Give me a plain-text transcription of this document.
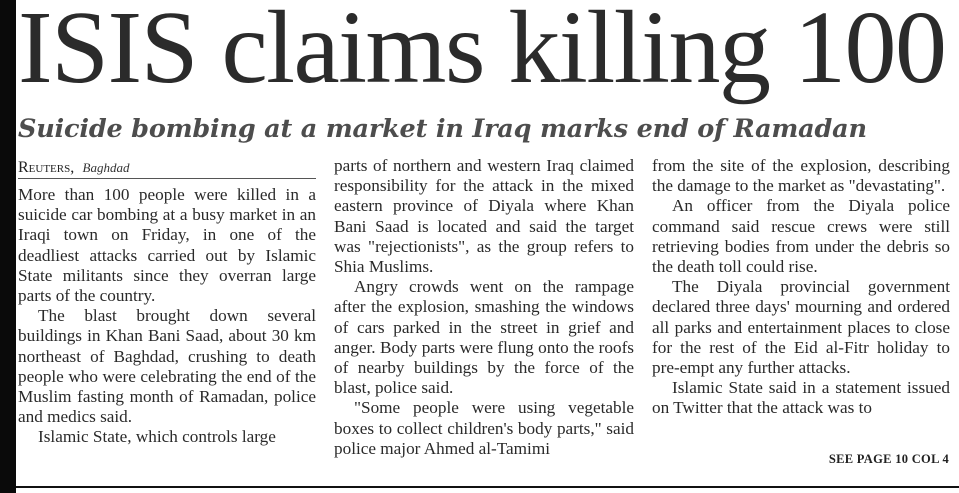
ISIS claims killing 100
Suicide bombing at a market in Iraq marks end of Ramadan
Reuters, Baghdad

More than 100 people were killed in a suicide car bombing at a busy market in an Iraqi town on Friday, in one of the deadliest attacks carried out by Islamic State militants since they overran large parts of the country.

The blast brought down several buildings in Khan Bani Saad, about 30 km northeast of Baghdad, crushing to death people who were celebrating the end of the Muslim fasting month of Ramadan, police and medics said.

Islamic State, which controls large

parts of northern and western Iraq claimed responsibility for the attack in the mixed eastern province of Diyala where Khan Bani Saad is located and said the target was "rejectionists", as the group refers to Shia Muslims.

Angry crowds went on the rampage after the explosion, smashing the windows of cars parked in the street in grief and anger. Body parts were flung onto the roofs of nearby buildings by the force of the blast, police said.

"Some people were using vegetable boxes to collect children's body parts," said police major Ahmed al-Tamimi

from the site of the explosion, describing the damage to the market as "devastating".

An officer from the Diyala police command said rescue crews were still retrieving bodies from under the debris so the death toll could rise.

The Diyala provincial government declared three days' mourning and ordered all parks and entertainment places to close for the rest of the Eid al-Fitr holiday to pre-empt any further attacks.

Islamic State said in a statement issued on Twitter that the attack was to

SEE PAGE 10 COL 4
